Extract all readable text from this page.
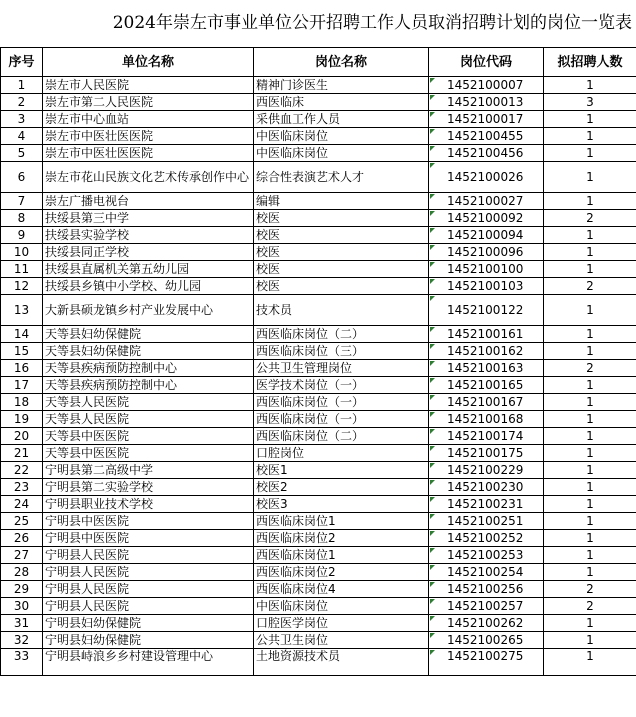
2024年崇左市事业单位公开招聘工作人员取消招聘计划的岗位一览表
序号	单位名称	岗位名称	岗位代码	拟招聘人数
1	崇左市人民医院	精神门诊医生	1452100007	1
2	崇左市第二人民医院	西医临床	1452100013	3
3	崇左市中心血站	采供血工作人员	1452100017	1
4	崇左市中医壮医医院	中医临床岗位	1452100455	1
5	崇左市中医壮医医院	中医临床岗位	1452100456	1
6	崇左市花山民族文化艺术传承创作中心	综合性表演艺术人才	1452100026	1
7	崇左广播电视台	编辑	1452100027	1
8	扶绥县第三中学	校医	1452100092	2
9	扶绥县实验学校	校医	1452100094	1
10	扶绥县同正学校	校医	1452100096	1
11	扶绥县直属机关第五幼儿园	校医	1452100100	1
12	扶绥县乡镇中小学校、幼儿园	校医	1452100103	2
13	大新县硕龙镇乡村产业发展中心	技术员	1452100122	1
14	天等县妇幼保健院	西医临床岗位（二）	1452100161	1
15	天等县妇幼保健院	西医临床岗位（三）	1452100162	1
16	天等县疾病预防控制中心	公共卫生管理岗位	1452100163	2
17	天等县疾病预防控制中心	医学技术岗位（一）	1452100165	1
18	天等县人民医院	西医临床岗位（一）	1452100167	1
19	天等县人民医院	西医临床岗位（一）	1452100168	1
20	天等县中医医院	西医临床岗位（二）	1452100174	1
21	天等县中医医院	口腔岗位	1452100175	1
22	宁明县第二高级中学	校医1	1452100229	1
23	宁明县第二实验学校	校医2	1452100230	1
24	宁明县职业技术学校	校医3	1452100231	1
25	宁明县中医医院	西医临床岗位1	1452100251	1
26	宁明县中医医院	西医临床岗位2	1452100252	1
27	宁明县人民医院	西医临床岗位1	1452100253	1
28	宁明县人民医院	西医临床岗位2	1452100254	1
29	宁明县人民医院	西医临床岗位4	1452100256	2
30	宁明县人民医院	中医临床岗位	1452100257	2
31	宁明县妇幼保健院	口腔医学岗位	1452100262	1
32	宁明县妇幼保健院	公共卫生岗位	1452100265	1
33	宁明县峙浪乡乡村建设管理中心	土地资源技术员	1452100275	1
